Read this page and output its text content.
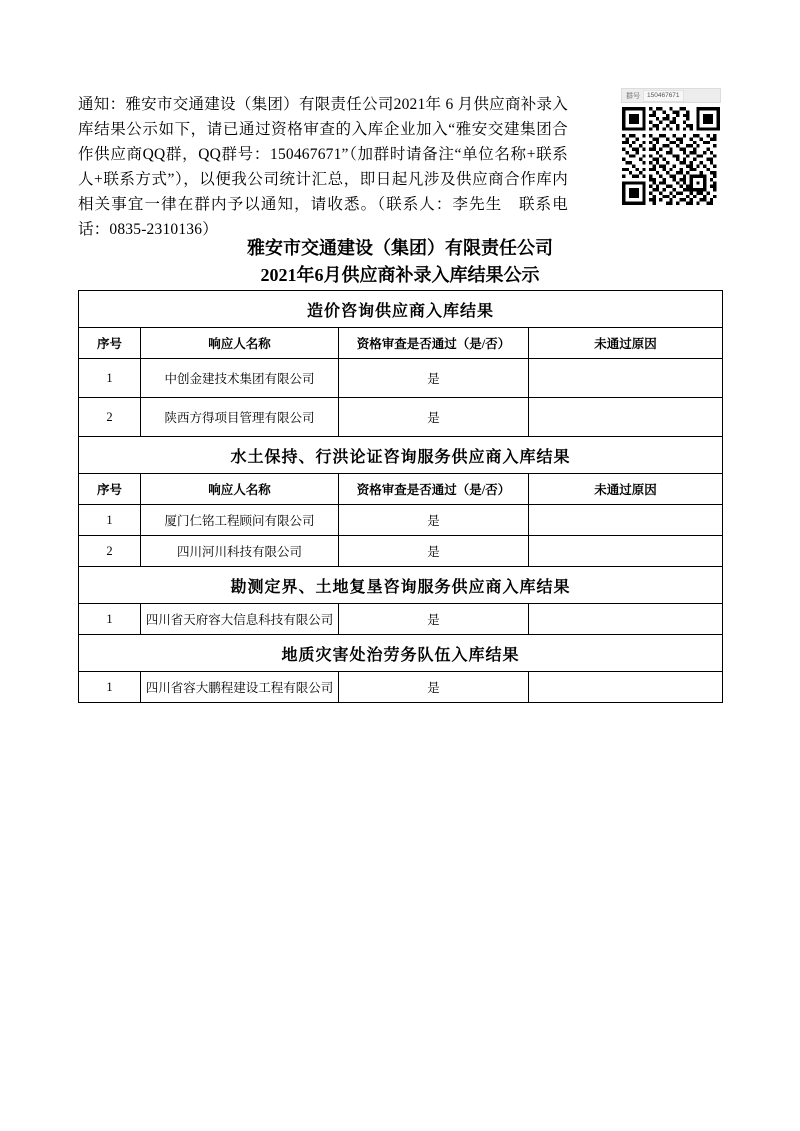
通知：雅安市交通建设（集团）有限责任公司2021年 6 月供应商补录入库结果公示如下，请已通过资格审查的入库企业加入“雅安交建集团合作供应商QQ群，QQ群号：150467671”（加群时请备注“单位名称+联系人+联系方式”），以便我公司统计汇总，即日起凡涉及供应商合作库内相关事宜一律在群内予以通知，请收悉。（联系人：李先生　联系电话：0835-2310136）
群号	150467671
雅安市交通建设（集团）有限责任公司
2021年6月供应商补录入库结果公示
造价咨询供应商入库结果			
序号	响应人名称	资格审查是否通过（是/否）	未通过原因
1	中创金建技术集团有限公司	是	
2	陕西方得项目管理有限公司	是	
水土保持、行洪论证咨询服务供应商入库结果			
序号	响应人名称	资格审查是否通过（是/否）	未通过原因
1	厦门仁铭工程顾问有限公司	是	
2	四川河川科技有限公司	是	
勘测定界、土地复垦咨询服务供应商入库结果			
1	四川省天府容大信息科技有限公司	是	
地质灾害处治劳务队伍入库结果			
1	四川省容大鹏程建设工程有限公司	是	
